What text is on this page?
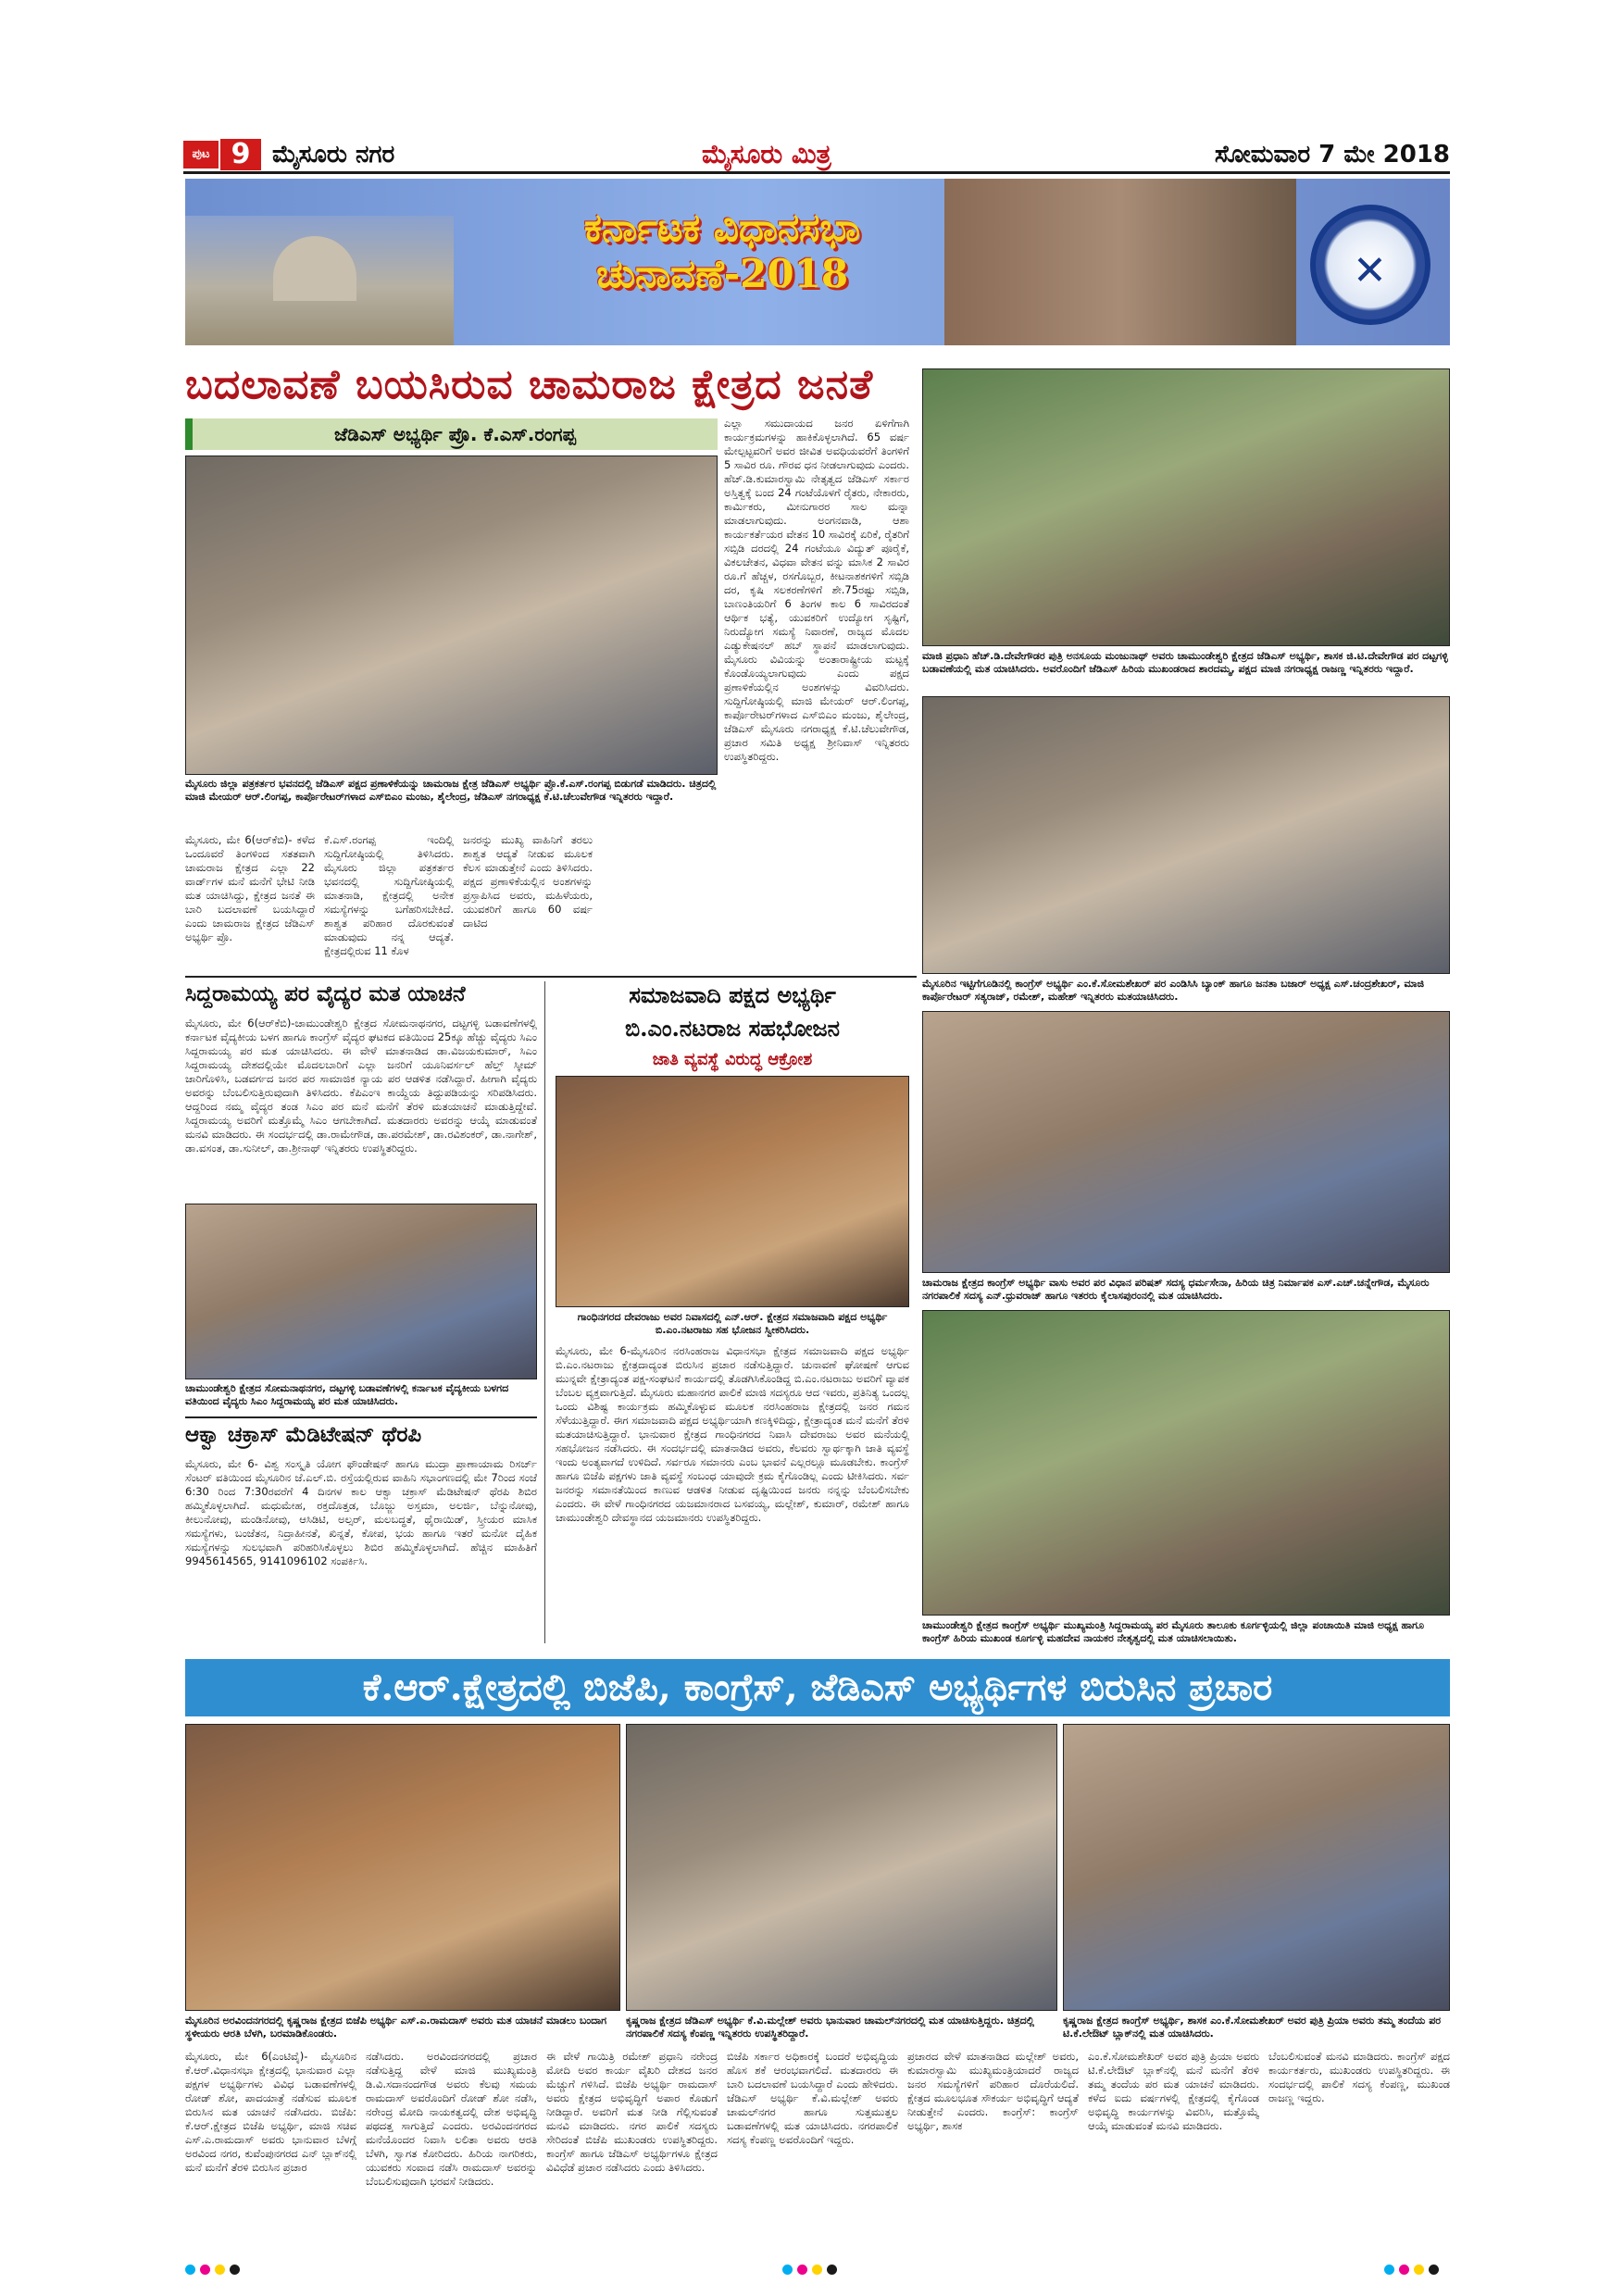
ಪುಟ 9 ಮೈಸೂರು ನಗರ	ಮೈಸೂರು ಮಿತ್ರ	ಸೋಮವಾರ 7 ಮೇ 2018
ಕರ್ನಾಟಕ ವಿಧಾನಸಭಾ
ಚುನಾವಣೆ-2018	✕
ಬದಲಾವಣೆ ಬಯಸಿರುವ ಚಾಮರಾಜ ಕ್ಷೇತ್ರದ ಜನತೆ
ಜೆಡಿಎಸ್ ಅಭ್ಯರ್ಥಿ ಪ್ರೊ. ಕೆ.ಎಸ್.ರಂಗಪ್ಪ
ಮೈಸೂರು ಜಿಲ್ಲಾ ಪತ್ರಕರ್ತರ ಭವನದಲ್ಲಿ ಜೆಡಿಎಸ್ ಪಕ್ಷದ ಪ್ರಣಾಳಿಕೆಯನ್ನು ಚಾಮರಾಜ ಕ್ಷೇತ್ರ ಜೆಡಿಎಸ್ ಅಭ್ಯರ್ಥಿ ಪ್ರೊ.ಕೆ.ಎಸ್.ರಂಗಪ್ಪ ಬಿಡುಗಡೆ ಮಾಡಿದರು. ಚಿತ್ರದಲ್ಲಿ ಮಾಜಿ ಮೇಯರ್ ಆರ್.ಲಿಂಗಪ್ಪ, ಕಾರ್ಪೊರೇಟರ್‌ಗಳಾದ ಎಸ್‌ಬಿಎಂ ಮಂಜು, ಶೈಲೇಂದ್ರ, ಜೆಡಿಎಸ್ ನಗರಾಧ್ಯಕ್ಷ ಕೆ.ಟಿ.ಚೆಲುವೇಗೌಡ ಇನ್ನಿತರರು ಇದ್ದಾರೆ.
ಮೈಸೂರು, ಮೇ 6(ಆರ್‌ಕೆಬಿ)- ಕಳೆದ ಒಂದೂವರೆ ತಿಂಗಳಿಂದ ಸತತವಾಗಿ ಚಾಮರಾಜ ಕ್ಷೇತ್ರದ ಎಲ್ಲಾ 22 ವಾರ್ಡ್‌ಗಳ ಮನೆ ಮನೆಗೆ ಭೇಟಿ ನೀಡಿ ಮತ ಯಾಚಿಸಿದ್ದು, ಕ್ಷೇತ್ರದ ಜನತೆ ಈ ಬಾರಿ ಬದಲಾವಣೆ ಬಯಸಿದ್ದಾರೆ ಎಂದು ಚಾಮರಾಜ ಕ್ಷೇತ್ರದ ಜೆಡಿಎಸ್ ಅಭ್ಯರ್ಥಿ ಪ್ರೊ.
ಕೆ.ಎಸ್.ರಂಗಪ್ಪ ಇಂದಿಲ್ಲಿ ಸುದ್ದಿಗೋಷ್ಠಿಯಲ್ಲಿ ತಿಳಿಸಿದರು. ಮೈಸೂರು ಜಿಲ್ಲಾ ಪತ್ರಕರ್ತರ ಭವನದಲ್ಲಿ ಸುದ್ದಿಗೋಷ್ಠಿಯಲ್ಲಿ ಮಾತನಾಡಿ, ಕ್ಷೇತ್ರದಲ್ಲಿ ಅನೇಕ ಸಮಸ್ಯೆಗಳನ್ನು ಬಗೆಹರಿಸಬೇಕಿದೆ. ಶಾಶ್ವತ ಪರಿಹಾರ ದೊರಕುವಂತೆ ಮಾಡುವುದು ನನ್ನ ಆದ್ಯತೆ. ಕ್ಷೇತ್ರದಲ್ಲಿರುವ 11 ಕೊಳ
ಜನರನ್ನು ಮುಖ್ಯ ವಾಹಿನಿಗೆ ತರಲು ಶಾಶ್ವತ ಆದ್ಯತೆ ನೀಡುವ ಮೂಲಕ ಕೆಲಸ ಮಾಡುತ್ತೇನೆ ಎಂದು ತಿಳಿಸಿದರು. ಪಕ್ಷದ ಪ್ರಣಾಳಿಕೆಯಲ್ಲಿನ ಅಂಶಗಳನ್ನು ಪ್ರಸ್ತಾಪಿಸಿದ ಅವರು, ಮಹಿಳೆಯರು, ಯುವಕರಿಗೆ ಹಾಗೂ 60 ವರ್ಷ ದಾಟಿದ
ಎಲ್ಲಾ ಸಮುದಾಯದ ಜನರ ಏಳಿಗೆಗಾಗಿ ಕಾರ್ಯಕ್ರಮಗಳನ್ನು ಹಾಕಿಕೊಳ್ಳಲಾಗಿದೆ. 65 ವರ್ಷ ಮೇಲ್ಪಟ್ಟವರಿಗೆ ಅವರ ಜೀವಿತ ಅವಧಿಯವರೆಗೆ ತಿಂಗಳಿಗೆ 5 ಸಾವಿರ ರೂ. ಗೌರವ ಧನ ನೀಡಲಾಗುವುದು ಎಂದರು. ಹೆಚ್.ಡಿ.ಕುಮಾರಸ್ವಾಮಿ ನೇತೃತ್ವದ ಜೆಡಿಎಸ್ ಸರ್ಕಾರ ಅಸ್ತಿತ್ವಕ್ಕೆ ಬಂದ 24 ಗಂಟೆಯೊಳಗೆ ರೈತರು, ನೇಕಾರರು, ಕಾರ್ಮಿಕರು, ಮೀನುಗಾರರ ಸಾಲ ಮನ್ನಾ ಮಾಡಲಾಗುವುದು. ಅಂಗನವಾಡಿ, ಆಶಾ ಕಾರ್ಯಕರ್ತೆಯರ ವೇತನ 10 ಸಾವಿರಕ್ಕೆ ಏರಿಕೆ, ರೈತರಿಗೆ ಸಬ್ಸಿಡಿ ದರದಲ್ಲಿ 24 ಗಂಟೆಯೂ ವಿದ್ಯುತ್ ಪೂರೈಕೆ, ವಿಕಲಚೇತನ, ವಿಧವಾ ವೇತನ ವನ್ನು ಮಾಸಿಕ 2 ಸಾವಿರ ರೂ.ಗೆ ಹೆಚ್ಚಳ, ರಸಗೊಬ್ಬರ, ಕೀಟನಾಶಕಗಳಿಗೆ ಸಬ್ಸಿಡಿ ದರ, ಕೃಷಿ ಸಲಕರಣೆಗಳಿಗೆ ಶೇ.75ರಷ್ಟು ಸಬ್ಸಿಡಿ, ಬಾಣಂತಿಯರಿಗೆ 6 ತಿಂಗಳ ಕಾಲ 6 ಸಾವಿರದಂತೆ ಆರ್ಥಿಕ ಭತ್ಯೆ, ಯುವಕರಿಗೆ ಉದ್ಯೋಗ ಸೃಷ್ಟಿಗೆ, ನಿರುದ್ಯೋಗ ಸಮಸ್ಯೆ ನಿವಾರಣೆ, ರಾಜ್ಯದ ಮೊದಲ ಎಡ್ಯುಕೇಷನಲ್ ಹಬ್ ಸ್ಥಾಪನೆ ಮಾಡಲಾಗುವುದು. ಮೈಸೂರು ವಿವಿಯನ್ನು ಅಂತಾರಾಷ್ಟ್ರೀಯ ಮಟ್ಟಕ್ಕೆ ಕೊಂಡೊಯ್ಯಲಾಗುವುದು ಎಂದು ಪಕ್ಷದ ಪ್ರಣಾಳಿಕೆಯಲ್ಲಿನ ಅಂಶಗಳನ್ನು ವಿವರಿಸಿದರು. ಸುದ್ದಿಗೋಷ್ಠಿಯಲ್ಲಿ ಮಾಜಿ ಮೇಯರ್ ಆರ್.ಲಿಂಗಪ್ಪ, ಕಾರ್ಪೊರೇಟರ್‌ಗಳಾದ ಎಸ್‌ಬಿಎಂ ಮಂಜು, ಶೈಲೇಂದ್ರ, ಜೆಡಿಎಸ್ ಮೈಸೂರು ನಗರಾಧ್ಯಕ್ಷ ಕೆ.ಟಿ.ಚೆಲುವೇಗೌಡ, ಪ್ರಚಾರ ಸಮಿತಿ ಅಧ್ಯಕ್ಷ ಶ್ರೀನಿವಾಸ್ ಇನ್ನಿತರರು ಉಪಸ್ಥಿತರಿದ್ದರು.
ಸಿದ್ದರಾಮಯ್ಯ ಪರ ವೈದ್ಯರ ಮತ ಯಾಚನೆ
ಮೈಸೂರು, ಮೇ 6(ಆರ್‌ಕೆಬಿ)-ಚಾಮುಂಡೇಶ್ವರಿ ಕ್ಷೇತ್ರದ ಸೋಮನಾಥನಗರ, ದಟ್ಟಗಳ್ಳಿ ಬಡಾವಣೆಗಳಲ್ಲಿ ಕರ್ನಾಟಕ ವೈದ್ಯಕೀಯ ಬಳಗ ಹಾಗೂ ಕಾಂಗ್ರೆಸ್ ವೈದ್ಯರ ಘಟಕದ ವತಿಯಿಂದ 25ಕ್ಕೂ ಹೆಚ್ಚು ವೈದ್ಯರು ಸಿಎಂ ಸಿದ್ದರಾಮಯ್ಯ ಪರ ಮತ ಯಾಚಿಸಿದರು. ಈ ವೇಳೆ ಮಾತನಾಡಿದ ಡಾ.ವಿಜಯಕುಮಾರ್, ಸಿಎಂ ಸಿದ್ದರಾಮಯ್ಯ ದೇಶದಲ್ಲಿಯೇ ಮೊದಲಬಾರಿಗೆ ಎಲ್ಲಾ ಜನರಿಗೆ ಯೂನಿವರ್ಸಲ್ ಹೆಲ್ತ್ ಸ್ಕೀಮ್ ಜಾರಿಗೊಳಿಸಿ, ಬಡವರ್ಗದ ಜನರ ಪರ ಸಾಮಾಜಿಕ ನ್ಯಾಯ ಪರ ಆಡಳಿತ ನಡೆಸಿದ್ದಾರೆ. ಹೀಗಾಗಿ ವೈದ್ಯರು ಅವರನ್ನು ಬೆಂಬಲಿಸುತ್ತಿರುವುದಾಗಿ ತಿಳಿಸಿದರು. ಕೆಪಿಎಂಇ ಕಾಯ್ದೆಯ ತಿದ್ದುಪಡಿಯನ್ನು ಸರಿಪಡಿಸಿದರು. ಆದ್ದರಿಂದ ನಮ್ಮ ವೈದ್ಯರ ತಂಡ ಸಿಎಂ ಪರ ಮನೆ ಮನೆಗೆ ತೆರಳಿ ಮತಯಾಚನೆ ಮಾಡುತ್ತಿದ್ದೇವೆ. ಸಿದ್ದರಾಮಯ್ಯ ಅವರಿಗೆ ಮತ್ತೊಮ್ಮೆ ಸಿಎಂ ಆಗಬೇಕಾಗಿದೆ. ಮತದಾರರು ಅವರನ್ನು ಆಯ್ಕೆ ಮಾಡುವಂತೆ ಮನವಿ ಮಾಡಿದರು. ಈ ಸಂದರ್ಭದಲ್ಲಿ ಡಾ.ರಾಮೇಗೌಡ, ಡಾ.ಪರಮೇಶ್, ಡಾ.ರವಿಶಂಕರ್, ಡಾ.ನಾಗೇಶ್, ಡಾ.ವಸಂತ, ಡಾ.ಸುನೀಲ್, ಡಾ.ಶ್ರೀನಾಥ್ ಇನ್ನಿತರರು ಉಪಸ್ಥಿತರಿದ್ದರು.
ಚಾಮುಂಡೇಶ್ವರಿ ಕ್ಷೇತ್ರದ ಸೋಮನಾಥನಗರ, ದಟ್ಟಗಳ್ಳಿ ಬಡಾವಣೆಗಳಲ್ಲಿ ಕರ್ನಾಟಕ ವೈದ್ಯಕೀಯ ಬಳಗದ ವತಿಯಿಂದ ವೈದ್ಯರು ಸಿಎಂ ಸಿದ್ದರಾಮಯ್ಯ ಪರ ಮತ ಯಾಚಿಸಿದರು.
ಆಕ್ವಾ ಚಕ್ರಾಸ್ ಮೆಡಿಟೇಷನ್ ಥೆರಪಿ
ಮೈಸೂರು, ಮೇ 6- ವಿಶ್ವ ಸಂಸ್ಕೃತಿ ಯೋಗ ಫೌಂಡೇಷನ್ ಹಾಗೂ ಮುದ್ರಾ ಪ್ರಾಣಾಯಾಮ ರಿಸರ್ಚ್ ಸೆಂಟರ್ ವತಿಯಿಂದ ಮೈಸೂರಿನ ಜೆ.ಎಲ್.ಬಿ. ರಸ್ತೆಯಲ್ಲಿರುವ ವಾಹಿನಿ ಸಭಾಂಗಣದಲ್ಲಿ ಮೇ 7ರಿಂದ ಸಂಜೆ 6:30 ರಿಂದ 7:30ರವರೆಗೆ 4 ದಿನಗಳ ಕಾಲ ಆಕ್ವಾ ಚಕ್ರಾಸ್ ಮೆಡಿಟೇಷನ್ ಥೆರಪಿ ಶಿಬಿರ ಹಮ್ಮಿಕೊಳ್ಳಲಾಗಿದೆ. ಮಧುಮೇಹ, ರಕ್ತದೊತ್ತಡ, ಬೊಜ್ಜು ಅಸ್ತಮಾ, ಅಲರ್ಜಿ, ಬೆನ್ನುನೋವು, ಕೀಲುನೋವು, ಮಂಡಿನೋವು, ಆಸಿಡಿಟಿ, ಅಲ್ಸರ್, ಮಲಬದ್ಧತೆ, ಥೈರಾಯಿಡ್, ಸ್ತ್ರೀಯರ ಮಾಸಿಕ ಸಮಸ್ಯೆಗಳು, ಬಂಜೆತನ, ನಿದ್ರಾಹೀನತೆ, ಖಿನ್ನತೆ, ಕೋಪ, ಭಯ ಹಾಗೂ ಇತರೆ ಮನೋ ದೈಹಿಕ ಸಮಸ್ಯೆಗಳನ್ನು ಸುಲಭವಾಗಿ ಪರಿಹರಿಸಿಕೊಳ್ಳಲು ಶಿಬಿರ ಹಮ್ಮಿಕೊಳ್ಳಲಾಗಿದೆ. ಹೆಚ್ಚಿನ ಮಾಹಿತಿಗೆ 9945614565, 9141096102 ಸಂಪರ್ಕಿಸಿ.
ಸಮಾಜವಾದಿ ಪಕ್ಷದ ಅಭ್ಯರ್ಥಿ
ಬಿ.ಎಂ.ನಟರಾಜ ಸಹಭೋಜನ
ಜಾತಿ ವ್ಯವಸ್ಥೆ ವಿರುದ್ಧ ಆಕ್ರೋಶ
ಗಾಂಧಿನಗರದ ದೇವರಾಜು ಅವರ ನಿವಾಸದಲ್ಲಿ ಎನ್.ಆರ್. ಕ್ಷೇತ್ರದ ಸಮಾಜವಾದಿ ಪಕ್ಷದ ಅಭ್ಯರ್ಥಿ ಬಿ.ಎಂ.ನಟರಾಜು ಸಹ ಭೋಜನ ಸ್ವೀಕರಿಸಿದರು.
ಮೈಸೂರು, ಮೇ 6-ಮೈಸೂರಿನ ನರಸಿಂಹರಾಜ ವಿಧಾನಸಭಾ ಕ್ಷೇತ್ರದ ಸಮಾಜವಾದಿ ಪಕ್ಷದ ಅಭ್ಯರ್ಥಿ ಬಿ.ಎಂ.ನಟರಾಜು ಕ್ಷೇತ್ರದಾದ್ಯಂತ ಬಿರುಸಿನ ಪ್ರಚಾರ ನಡೆಸುತ್ತಿದ್ದಾರೆ. ಚುನಾವಣೆ ಘೋಷಣೆ ಆಗುವ ಮುನ್ನವೇ ಕ್ಷೇತ್ರಾದ್ಯಂತ ಪಕ್ಷ-ಸಂಘಟನೆ ಕಾರ್ಯದಲ್ಲಿ ತೊಡಗಿಸಿಕೊಂಡಿದ್ದ ಬಿ.ಎಂ.ನಟರಾಜು ಅವರಿಗೆ ವ್ಯಾಪಕ ಬೆಂಬಲ ವ್ಯಕ್ತವಾಗುತ್ತಿದೆ. ಮೈಸೂರು ಮಹಾನಗರ ಪಾಲಿಕೆ ಮಾಜಿ ಸದಸ್ಯರೂ ಆದ ಇವರು, ಪ್ರತಿನಿತ್ಯ ಒಂದಲ್ಲ ಒಂದು ವಿಶಿಷ್ಟ ಕಾರ್ಯಕ್ರಮ ಹಮ್ಮಿಕೊಳ್ಳುವ ಮೂಲಕ ನರಸಿಂಹರಾಜ ಕ್ಷೇತ್ರದಲ್ಲಿ ಜನರ ಗಮನ ಸೆಳೆಯುತ್ತಿದ್ದಾರೆ. ಈಗ ಸಮಾಜವಾದಿ ಪಕ್ಷದ ಅಭ್ಯರ್ಥಿಯಾಗಿ ಕಣಕ್ಕಿಳಿದಿದ್ದು, ಕ್ಷೇತ್ರಾದ್ಯಂತ ಮನೆ ಮನೆಗೆ ತೆರಳಿ ಮತಯಾಚಿಸುತ್ತಿದ್ದಾರೆ. ಭಾನುವಾರ ಕ್ಷೇತ್ರದ ಗಾಂಧಿನಗರದ ನಿವಾಸಿ ದೇವರಾಜು ಅವರ ಮನೆಯಲ್ಲಿ ಸಹಭೋಜನ ನಡೆಸಿದರು. ಈ ಸಂದರ್ಭದಲ್ಲಿ ಮಾತನಾಡಿದ ಅವರು, ಕೆಲವರು ಸ್ವಾರ್ಥಕ್ಕಾಗಿ ಜಾತಿ ವ್ಯವಸ್ಥೆ ಇಂದು ಅಂತ್ಯವಾಗದೆ ಉಳಿದಿದೆ. ಸರ್ವರೂ ಸಮಾನರು ಎಂಬ ಭಾವನೆ ಎಲ್ಲರಲ್ಲೂ ಮೂಡಬೇಕು. ಕಾಂಗ್ರೆಸ್ ಹಾಗೂ ಬಿಜೆಪಿ ಪಕ್ಷಗಳು ಜಾತಿ ವ್ಯವಸ್ಥೆ ಸಂಬಂಧ ಯಾವುದೇ ಕ್ರಮ ಕೈಗೊಂಡಿಲ್ಲ ಎಂದು ಟೀಕಿಸಿದರು. ಸರ್ವ ಜನರನ್ನು ಸಮಾನತೆಯಿಂದ ಕಾಣುವ ಆಡಳಿತ ನೀಡುವ ದೃಷ್ಟಿಯಿಂದ ಜನರು ನನ್ನನ್ನು ಬೆಂಬಲಿಸಬೇಕು ಎಂದರು. ಈ ವೇಳೆ ಗಾಂಧಿನಗರದ ಯಜಮಾನರಾದ ಬಸವಯ್ಯ, ಮಲ್ಲೇಶ್, ಕುಮಾರ್, ರಮೇಶ್ ಹಾಗೂ ಚಾಮುಂಡೇಶ್ವರಿ ದೇವಸ್ಥಾನದ ಯಜಮಾನರು ಉಪಸ್ಥಿತರಿದ್ದರು.
ಮಾಜಿ ಪ್ರಧಾನಿ ಹೆಚ್.ಡಿ.ದೇವೇಗೌಡರ ಪುತ್ರಿ ಅನಸೂಯ ಮಂಜುನಾಥ್ ಅವರು ಚಾಮುಂಡೇಶ್ವರಿ ಕ್ಷೇತ್ರದ ಜೆಡಿಎಸ್ ಅಭ್ಯರ್ಥಿ, ಶಾಸಕ ಜಿ.ಟಿ.ದೇವೇಗೌಡ ಪರ ದಟ್ಟಗಳ್ಳಿ ಬಡಾವಣೆಯಲ್ಲಿ ಮತ ಯಾಚಿಸಿದರು. ಅವರೊಂದಿಗೆ ಜೆಡಿಎಸ್ ಹಿರಿಯ ಮುಖಂಡರಾದ ಶಾರದಮ್ಮ, ಪಕ್ಷದ ಮಾಜಿ ನಗರಾಧ್ಯಕ್ಷ ರಾಜಣ್ಣ ಇನ್ನಿತರರು ಇದ್ದಾರೆ.
ಮೈಸೂರಿನ ಇಟ್ಟಿಗೆಗೂಡಿನಲ್ಲಿ ಕಾಂಗ್ರೆಸ್ ಅಭ್ಯರ್ಥಿ ಎಂ.ಕೆ.ಸೋಮಶೇಖರ್ ಪರ ಎಂಡಿಸಿಸಿ ಬ್ಯಾಂಕ್ ಹಾಗೂ ಜನತಾ ಬಜಾರ್ ಅಧ್ಯಕ್ಷ ಎಸ್.ಚಂದ್ರಶೇಖರ್, ಮಾಜಿ ಕಾರ್ಪೊರೇಟರ್ ಸತ್ಯರಾಜ್, ರಮೇಶ್, ಮಹೇಶ್ ಇನ್ನಿತರರು ಮತಯಾಚಿಸಿದರು.
ಚಾಮರಾಜ ಕ್ಷೇತ್ರದ ಕಾಂಗ್ರೆಸ್ ಅಭ್ಯರ್ಥಿ ವಾಸು ಅವರ ಪರ ವಿಧಾನ ಪರಿಷತ್ ಸದಸ್ಯ ಧರ್ಮಸೇನಾ, ಹಿರಿಯ ಚಿತ್ರ ನಿರ್ಮಾಪಕ ಎಸ್.ಎಚ್.ಚನ್ನೇಗೌಡ, ಮೈಸೂರು ನಗರಪಾಲಿಕೆ ಸದಸ್ಯ ಎನ್.ಧ್ರುವರಾಜ್ ಹಾಗೂ ಇತರರು ಕೈಲಾಸಪುರಂನಲ್ಲಿ ಮತ ಯಾಚಿಸಿದರು.
ಚಾಮುಂಡೇಶ್ವರಿ ಕ್ಷೇತ್ರದ ಕಾಂಗ್ರೆಸ್ ಅಭ್ಯರ್ಥಿ ಮುಖ್ಯಮಂತ್ರಿ ಸಿದ್ದರಾಮಯ್ಯ ಪರ ಮೈಸೂರು ತಾಲೂಕು ಕೂರ್ಗಳ್ಳಿಯಲ್ಲಿ ಜಿಲ್ಲಾ ಪಂಚಾಯಿತಿ ಮಾಜಿ ಅಧ್ಯಕ್ಷ ಹಾಗೂ ಕಾಂಗ್ರೆಸ್ ಹಿರಿಯ ಮುಖಂಡ ಕೂರ್ಗಳ್ಳಿ ಮಹದೇವ ನಾಯಕರ ನೇತೃತ್ವದಲ್ಲಿ ಮತ ಯಾಚಿಸಲಾಯಿತು.
ಕೆ.ಆರ್.ಕ್ಷೇತ್ರದಲ್ಲಿ ಬಿಜೆಪಿ, ಕಾಂಗ್ರೆಸ್, ಜೆಡಿಎಸ್ ಅಭ್ಯರ್ಥಿಗಳ ಬಿರುಸಿನ ಪ್ರಚಾರ
ಮೈಸೂರಿನ ಅರವಿಂದನಗರದಲ್ಲಿ ಕೃಷ್ಣರಾಜ ಕ್ಷೇತ್ರದ ಬಿಜೆಪಿ ಅಭ್ಯರ್ಥಿ ಎಸ್.ಎ.ರಾಮದಾಸ್ ಅವರು ಮತ ಯಾಚನೆ ಮಾಡಲು ಬಂದಾಗ ಸ್ಥಳೀಯರು ಆರತಿ ಬೆಳಗಿ, ಬರಮಾಡಿಕೊಂಡರು.
ಕೃಷ್ಣರಾಜ ಕ್ಷೇತ್ರದ ಜೆಡಿಎಸ್ ಅಭ್ಯರ್ಥಿ ಕೆ.ವಿ.ಮಲ್ಲೇಶ್ ಅವರು ಭಾನುವಾರ ಚಾಮಲ್‌ನಗರದಲ್ಲಿ ಮತ ಯಾಚಿಸುತ್ತಿದ್ದರು. ಚಿತ್ರದಲ್ಲಿ ನಗರಪಾಲಿಕೆ ಸದಸ್ಯ ಕೆಂಪಣ್ಣ ಇನ್ನಿತರರು ಉಪಸ್ಥಿತರಿದ್ದಾರೆ.
ಕೃಷ್ಣರಾಜ ಕ್ಷೇತ್ರದ ಕಾಂಗ್ರೆಸ್ ಅಭ್ಯರ್ಥಿ, ಶಾಸಕ ಎಂ.ಕೆ.ಸೋಮಶೇಖರ್ ಅವರ ಪುತ್ರಿ ಪ್ರಿಯಾ ಅವರು ತಮ್ಮ ತಂದೆಯ ಪರ ಟಿ.ಕೆ.ಲೇಔಟ್ ಬ್ಲಾಕ್‌ನಲ್ಲಿ ಮತ ಯಾಚಿಸಿದರು.
ಮೈಸೂರು, ಮೇ 6(ಎಂಟಿವೈ)- ಮೈಸೂರಿನ ಕೆ.ಆರ್.ವಿಧಾನಸಭಾ ಕ್ಷೇತ್ರದಲ್ಲಿ ಭಾನುವಾರ ಎಲ್ಲಾ ಪಕ್ಷಗಳ ಅಭ್ಯರ್ಥಿಗಳು ವಿವಿಧ ಬಡಾವಣೆಗಳಲ್ಲಿ ರೋಡ್ ಶೋ, ಪಾದಯಾತ್ರೆ ನಡೆಸುವ ಮೂಲಕ ಬಿರುಸಿನ ಮತ ಯಾಚನೆ ನಡೆಸಿದರು. ಬಿಜೆಪಿ: ಕೆ.ಆರ್.ಕ್ಷೇತ್ರದ ಬಿಜೆಪಿ ಅಭ್ಯರ್ಥಿ, ಮಾಜಿ ಸಚಿವ ಎಸ್.ಎ.ರಾಮದಾಸ್ ಅವರು ಭಾನುವಾರ ಬೆಳಗ್ಗೆ ಅರವಿಂದ ನಗರ, ಕುವೆಂಪುನಗರದ ಎನ್ ಬ್ಲಾಕ್‌ನಲ್ಲಿ ಮನೆ ಮನೆಗೆ ತೆರಳಿ ಬಿರುಸಿನ ಪ್ರಚಾರ
ನಡೆಸಿದರು. ಅರವಿಂದನಗರದಲ್ಲಿ ಪ್ರಚಾರ ನಡೆಸುತ್ತಿದ್ದ ವೇಳೆ ಮಾಜಿ ಮುಖ್ಯಮಂತ್ರಿ ಡಿ.ವಿ.ಸದಾನಂದಗೌಡ ಅವರು ಕೆಲವು ಸಮಯ ರಾಮದಾಸ್ ಅವರೊಂದಿಗೆ ರೋಡ್ ಶೋ ನಡೆಸಿ, ನರೇಂದ್ರ ಮೋದಿ ನಾಯಕತ್ವದಲ್ಲಿ ದೇಶ ಅಭಿವೃದ್ಧಿ ಪಥದತ್ತ ಸಾಗುತ್ತಿದೆ ಎಂದರು. ಅರವಿಂದನಗರದ ಮನೆಯೊಂದರ ನಿವಾಸಿ ಲಲಿತಾ ಅವರು ಆರತಿ ಬೆಳಗಿ, ಸ್ವಾಗತ ಕೋರಿದರು. ಹಿರಿಯ ನಾಗರಿಕರು, ಯುವಕರು ಸಂವಾದ ನಡೆಸಿ ರಾಮದಾಸ್ ಅವರನ್ನು ಬೆಂಬಲಿಸುವುದಾಗಿ ಭರವಸೆ ನೀಡಿದರು.
ಈ ವೇಳೆ ಗಾಯಿತ್ರಿ ರಮೇಶ್ ಪ್ರಧಾನಿ ನರೇಂದ್ರ ಮೋದಿ ಅವರ ಕಾರ್ಯ ವೈಖರಿ ದೇಶದ ಜನರ ಮೆಚ್ಚುಗೆ ಗಳಿಸಿದೆ. ಬಿಜೆಪಿ ಅಭ್ಯರ್ಥಿ ರಾಮದಾಸ್ ಅವರು ಕ್ಷೇತ್ರದ ಅಭಿವೃದ್ಧಿಗೆ ಅಪಾರ ಕೊಡುಗೆ ನೀಡಿದ್ದಾರೆ. ಅವರಿಗೆ ಮತ ನೀಡಿ ಗೆಲ್ಲಿಸುವಂತೆ ಮನವಿ ಮಾಡಿದರು. ನಗರ ಪಾಲಿಕೆ ಸದಸ್ಯರು ಸೇರಿದಂತೆ ಬಿಜೆಪಿ ಮುಖಂಡರು ಉಪಸ್ಥಿತರಿದ್ದರು. ಕಾಂಗ್ರೆಸ್ ಹಾಗೂ ಜೆಡಿಎಸ್ ಅಭ್ಯರ್ಥಿಗಳೂ ಕ್ಷೇತ್ರದ ವಿವಿಧೆಡೆ ಪ್ರಚಾರ ನಡೆಸಿದರು ಎಂದು ತಿಳಿಸಿದರು.
ಬಿಜೆಪಿ ಸರ್ಕಾರ ಅಧಿಕಾರಕ್ಕೆ ಬಂದರೆ ಅಭಿವೃದ್ಧಿಯ ಹೊಸ ಶಕೆ ಆರಂಭವಾಗಲಿದೆ. ಮತದಾರರು ಈ ಬಾರಿ ಬದಲಾವಣೆ ಬಯಸಿದ್ದಾರೆ ಎಂದು ಹೇಳಿದರು. ಜೆಡಿಎಸ್ ಅಭ್ಯರ್ಥಿ ಕೆ.ವಿ.ಮಲ್ಲೇಶ್ ಅವರು ಚಾಮಲ್‌ನಗರ ಹಾಗೂ ಸುತ್ತಮುತ್ತಲ ಬಡಾವಣೆಗಳಲ್ಲಿ ಮತ ಯಾಚಿಸಿದರು. ನಗರಪಾಲಿಕೆ ಸದಸ್ಯ ಕೆಂಪಣ್ಣ ಅವರೊಂದಿಗೆ ಇದ್ದರು.
ಪ್ರಚಾರದ ವೇಳೆ ಮಾತನಾಡಿದ ಮಲ್ಲೇಶ್ ಅವರು, ಕುಮಾರಸ್ವಾಮಿ ಮುಖ್ಯಮಂತ್ರಿಯಾದರೆ ರಾಜ್ಯದ ಜನರ ಸಮಸ್ಯೆಗಳಿಗೆ ಪರಿಹಾರ ದೊರೆಯಲಿದೆ. ಕ್ಷೇತ್ರದ ಮೂಲಭೂತ ಸೌಕರ್ಯ ಅಭಿವೃದ್ಧಿಗೆ ಆದ್ಯತೆ ನೀಡುತ್ತೇನೆ ಎಂದರು. ಕಾಂಗ್ರೆಸ್: ಕಾಂಗ್ರೆಸ್ ಅಭ್ಯರ್ಥಿ, ಶಾಸಕ
ಎಂ.ಕೆ.ಸೋಮಶೇಖರ್ ಅವರ ಪುತ್ರಿ ಪ್ರಿಯಾ ಅವರು ಟಿ.ಕೆ.ಲೇಔಟ್ ಬ್ಲಾಕ್‌ನಲ್ಲಿ ಮನೆ ಮನೆಗೆ ತೆರಳಿ ತಮ್ಮ ತಂದೆಯ ಪರ ಮತ ಯಾಚನೆ ಮಾಡಿದರು. ಕಳೆದ ಐದು ವರ್ಷಗಳಲ್ಲಿ ಕ್ಷೇತ್ರದಲ್ಲಿ ಕೈಗೊಂಡ ಅಭಿವೃದ್ಧಿ ಕಾರ್ಯಗಳನ್ನು ವಿವರಿಸಿ, ಮತ್ತೊಮ್ಮೆ ಆಯ್ಕೆ ಮಾಡುವಂತೆ ಮನವಿ ಮಾಡಿದರು.
ಬೆಂಬಲಿಸುವಂತೆ ಮನವಿ ಮಾಡಿದರು. ಕಾಂಗ್ರೆಸ್ ಪಕ್ಷದ ಕಾರ್ಯಕರ್ತರು, ಮುಖಂಡರು ಉಪಸ್ಥಿತರಿದ್ದರು. ಈ ಸಂದರ್ಭದಲ್ಲಿ ಪಾಲಿಕೆ ಸದಸ್ಯ ಕೆಂಪಣ್ಣ, ಮುಖಂಡ ರಾಜಣ್ಣ ಇದ್ದರು.
